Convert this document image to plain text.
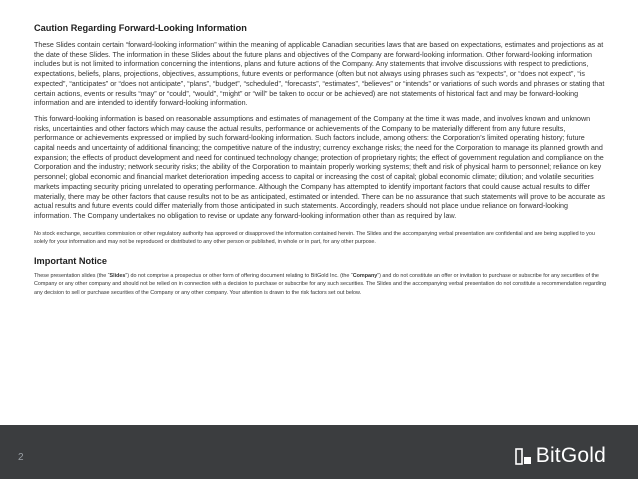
Caution Regarding Forward-Looking Information

These Slides contain certain “forward-looking information” within the meaning of applicable Canadian securities laws that are based on expectations, estimates and projections as at the date of these Slides. The information in these Slides about the future plans and objectives of the Company are forward-looking information. Other forward-looking information includes but is not limited to information concerning the intentions, plans and future actions of the Company. Any statements that involve discussions with respect to predictions, expectations, beliefs, plans, projections, objectives, assumptions, future events or performance (often but not always using phrases such as “expects”, or “does not expect”, “is expected”, “anticipates” or “does not anticipate”, “plans”, “budget”, “scheduled”, “forecasts”, “estimates”, “believes” or “intends” or variations of such words and phrases or stating that certain actions, events or results “may” or “could”, “would”, “might” or “will” be taken to occur or be achieved) are not statements of historical fact and may be forward-looking information and are intended to identify forward-looking information.

This forward-looking information is based on reasonable assumptions and estimates of management of the Company at the time it was made, and involves known and unknown risks, uncertainties and other factors which may cause the actual results, performance or achievements of the Company to be materially different from any future results, performance or achievements expressed or implied by such forward-looking information. Such factors include, among others: the Corporation’s limited operating history; future capital needs and uncertainty of additional financing; the competitive nature of the industry; currency exchange risks; the need for the Corporation to manage its planned growth and expansion; the effects of product development and need for continued technology change; protection of proprietary rights; the effect of government regulation and compliance on the Corporation and the industry; network security risks; the ability of the Corporation to maintain properly working systems; theft and risk of physical harm to personnel; reliance on key personnel; global economic and financial market deterioration impeding access to capital or increasing the cost of capital; global economic climate; dilution; and volatile securities markets impacting security pricing unrelated to operating performance. Although the Company has attempted to identify important factors that could cause actual results to differ materially, there may be other factors that cause results not to be as anticipated, estimated or intended. There can be no assurance that such statements will prove to be accurate as actual results and future events could differ materially from those anticipated in such statements. Accordingly, readers should not place undue reliance on forward-looking information. The Company undertakes no obligation to revise or update any forward-looking information other than as required by law.

No stock exchange, securities commission or other regulatory authority has approved or disapproved the information contained herein. The Slides and the accompanying verbal presentation are confidential and are being supplied to you solely for your information and may not be reproduced or distributed to any other person or published, in whole or in part, for any other purpose.

Important Notice

These presentation slides (the “Slides”) do not comprise a prospectus or other form of offering document relating to BitGold Inc. (the “Company”) and do not constitute an offer or invitation to purchase or subscribe for any securities of the Company or any other company and should not be relied on in connection with a decision to purchase or subscribe for any such securities. The Slides and the accompanying verbal presentation do not constitute a recommendation regarding any decision to sell or purchase securities of the Company or any other company. Your attention is drawn to the risk factors set out below.

2	BitGold
